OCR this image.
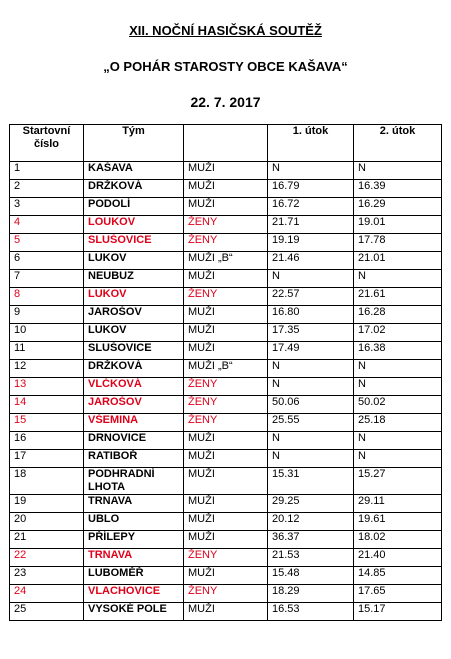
XII. NOČNÍ HASIČSKÁ SOUTĚŽ
„O POHÁR STAROSTY OBCE KAŠAVA“
22. 7. 2017
Startovní číslo	Tým		1. útok	2. útok
1	KAŠAVA	MUŽI	N	N
2	DRŽKOVÁ	MUŽI	16.79	16.39
3	PODOLÍ	MUŽI	16.72	16.29
4	LOUKOV	ŽENY	21.71	19.01
5	SLUŠOVICE	ŽENY	19.19	17.78
6	LUKOV	MUŽI „B“	21.46	21.01
7	NEUBUZ	MUŽI	N	N
8	LUKOV	ŽENY	22.57	21.61
9	JAROŠOV	MUŽI	16.80	16.28
10	LUKOV	MUŽI	17.35	17.02
11	SLUŠOVICE	MUŽI	17.49	16.38
12	DRŽKOVÁ	MUŽI „B“	N	N
13	VLČKOVÁ	ŽENY	N	N
14	JAROŠOV	ŽENY	50.06	50.02
15	VŠEMINA	ŽENY	25.55	25.18
16	DRNOVICE	MUŽI	N	N
17	RATIBOŘ	MUŽI	N	N
18	PODHRADNÍ LHOTA	MUŽI	15.31	15.27
19	TRNAVA	MUŽI	29.25	29.11
20	UBLO	MUŽI	20.12	19.61
21	PŘÍLEPY	MUŽI	36.37	18.02
22	TRNAVA	ŽENY	21.53	21.40
23	LUBOMĚŘ	MUŽI	15.48	14.85
24	VLACHOVICE	ŽENY	18.29	17.65
25	VYSOKÉ POLE	MUŽI	16.53	15.17
